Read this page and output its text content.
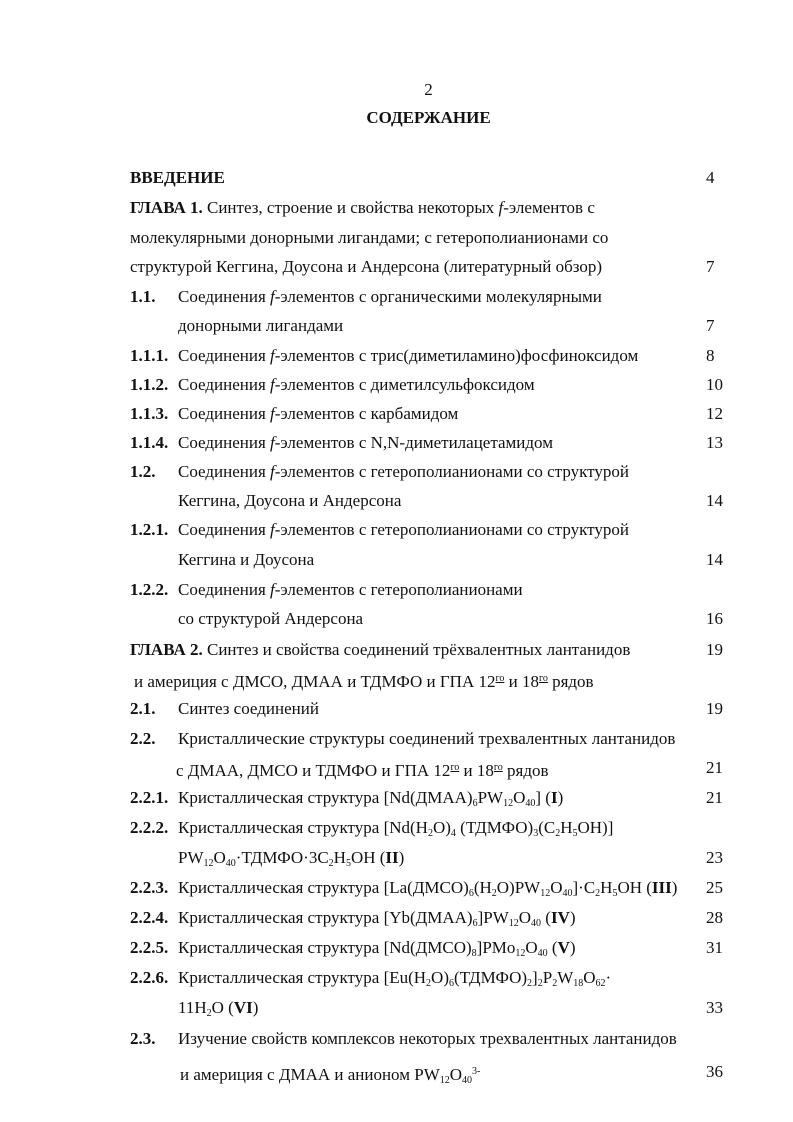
2
СОДЕРЖАНИЕ
ВВЕДЕНИЕ	4
ГЛАВА 1. Синтез, строение и свойства некоторых f-элементов с
молекулярными донорными лигандами; с гетерополианионами со
структурой Кеггина, Доусона и Андерсона (литературный обзор)	7
1.1. Соединения f-элементов с органическими молекулярными
донорными лигандами	7
1.1.1. Соединения f-элементов с трис(диметиламино)фосфиноксидом	8
1.1.2. Соединения f-элементов с диметилсульфоксидом	10
1.1.3. Соединения f-элементов с карбамидом	12
1.1.4. Соединения f-элементов с N,N-диметилацетамидом	13
1.2. Соединения f-элементов с гетерополианионами со структурой
Кеггина, Доусона и Андерсона	14
1.2.1. Соединения f-элементов с гетерополианионами со структурой
Кеггина и Доусона	14
1.2.2. Соединения f-элементов с гетерополианионами
со структурой Андерсона	16
ГЛАВА 2. Синтез и свойства соединений трёхвалентных лантанидов	19
и америция с ДМСО, ДМАА и ТДМФО и ГПА $12^{го}$ и $18^{го}$ рядов
2.1. Синтез соединений	19
2.2. Кристаллические структуры соединений трехвалентных лантанидов
с ДМАА, ДМСО и ТДМФО и ГПА $12^{го}$ и $18^{го}$ рядов	21
2.2.1. Кристаллическая структура $[Nd(ДМАА)_6PW_{12}O_{40}]$ (I)	21
2.2.2. Кристаллическая структура [$Nd(H_2O)_4$ $(ТДМФО)_3(C_2H_5OH)$]
$PW_{12}O_{40}\cdot ТДМФО\cdot 3C_2H_5OH$ (II)	23
2.2.3. Кристаллическая структура $[La(ДМСО)_6(H_2O)PW_{12}O_{40}]\cdot C_2H_5OH$ (III) 25
2.2.4. Кристаллическая структура $[Yb(ДМАА)_6]PW_{12}O_{40}$ (IV)	28
2.2.5. Кристаллическая структура $[Nd(ДМСО)_8]PMo_{12}O_{40}$ (V)	31
2.2.6. Кристаллическая структура $[Eu(H_2O)_6(ТДМФО)_2]_2P_2W_{18}O_{62}\cdot$
$11H_2O$ (VI)	33
2.3. Изучение свойств комплексов некоторых трехвалентных лантанидов
и америция с ДМАА и анионом $PW_{12}O_{40}^{3-}$	36
